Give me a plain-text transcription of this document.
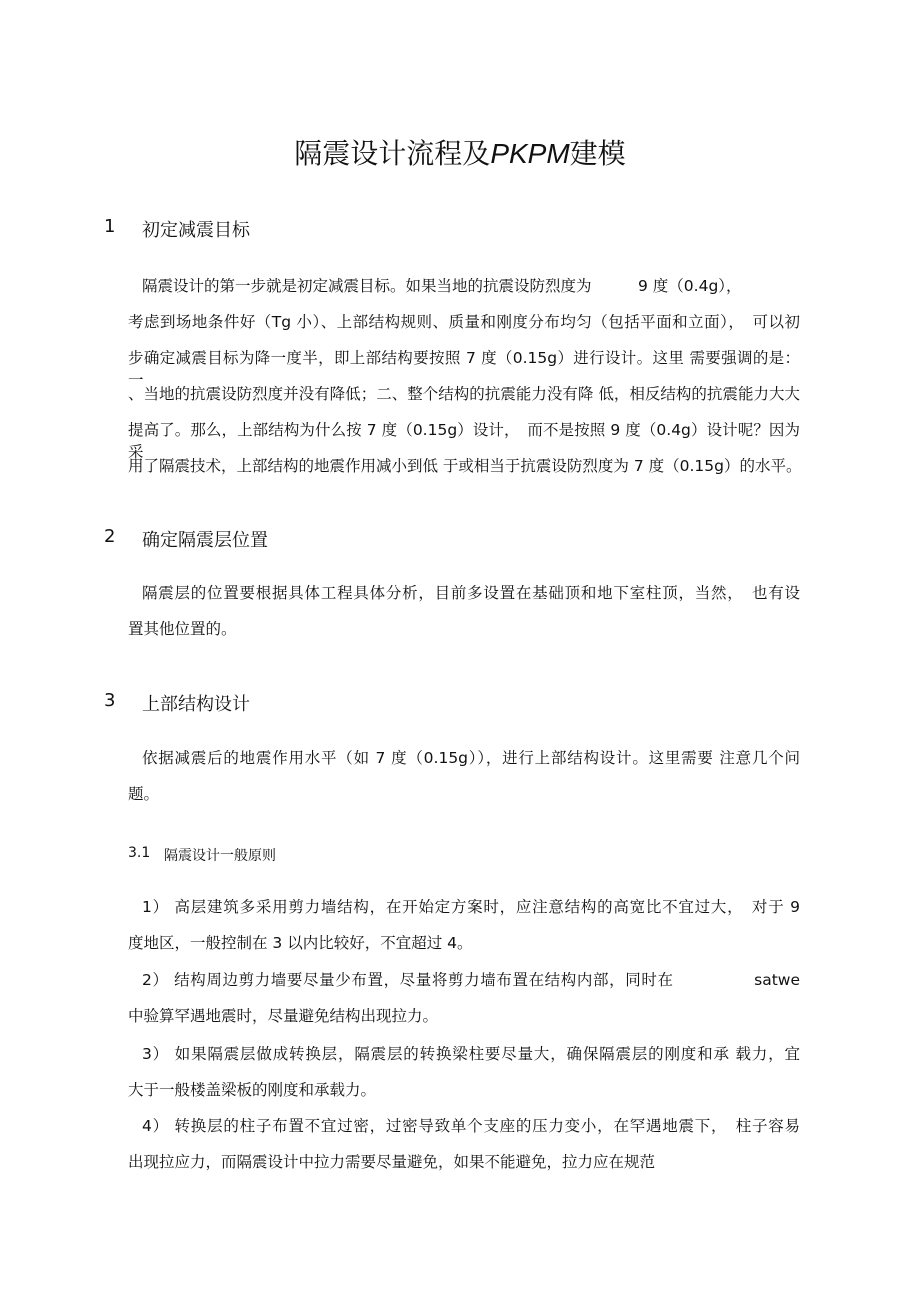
隔震设计流程及PKPM建模
1 初定减震目标
隔震设计的第一步就是初定减震目标。如果当地的抗震设防烈度为　　　9 度（0.4g），
考虑到场地条件好（Tg 小）、上部结构规则、质量和刚度分布均匀（包括平面和立面），　可以初
步确定减震目标为降一度半，即上部结构要按照 7 度（0.15g）进行设计。这里 需要强调的是：一
、当地的抗震设防烈度并没有降低；二、整个结构的抗震能力没有降 低，相反结构的抗震能力大大
提高了。那么，上部结构为什么按 7 度（0.15g）设计，　而不是按照 9 度（0.4g）设计呢？因为采
用了隔震技术，上部结构的地震作用减小到低 于或相当于抗震设防烈度为 7 度（0.15g）的水平。
2 确定隔震层位置
隔震层的位置要根据具体工程具体分析，目前多设置在基础顶和地下室柱顶，当然，　也有设
置其他位置的。
3 上部结构设计
依据减震后的地震作用水平（如 7 度（0.15g）），进行上部结构设计。这里需要 注意几个问
题。
3.1 隔震设计一般原则
1） 高层建筑多采用剪力墙结构，在开始定方案时，应注意结构的高宽比不宜过大，　对于 9
度地区，一般控制在 3 以内比较好，不宜超过 4。
2） 结构周边剪力墙要尽量少布置，尽量将剪力墙布置在结构内部，同时在　　　　　satwe
中验算罕遇地震时，尽量避免结构出现拉力。
3） 如果隔震层做成转换层，隔震层的转换梁柱要尽量大，确保隔震层的刚度和承 载力，宜
大于一般楼盖梁板的刚度和承载力。
4） 转换层的柱子布置不宜过密，过密导致单个支座的压力变小，在罕遇地震下，　柱子容易
出现拉应力，而隔震设计中拉力需要尽量避免，如果不能避免，拉力应在规范
